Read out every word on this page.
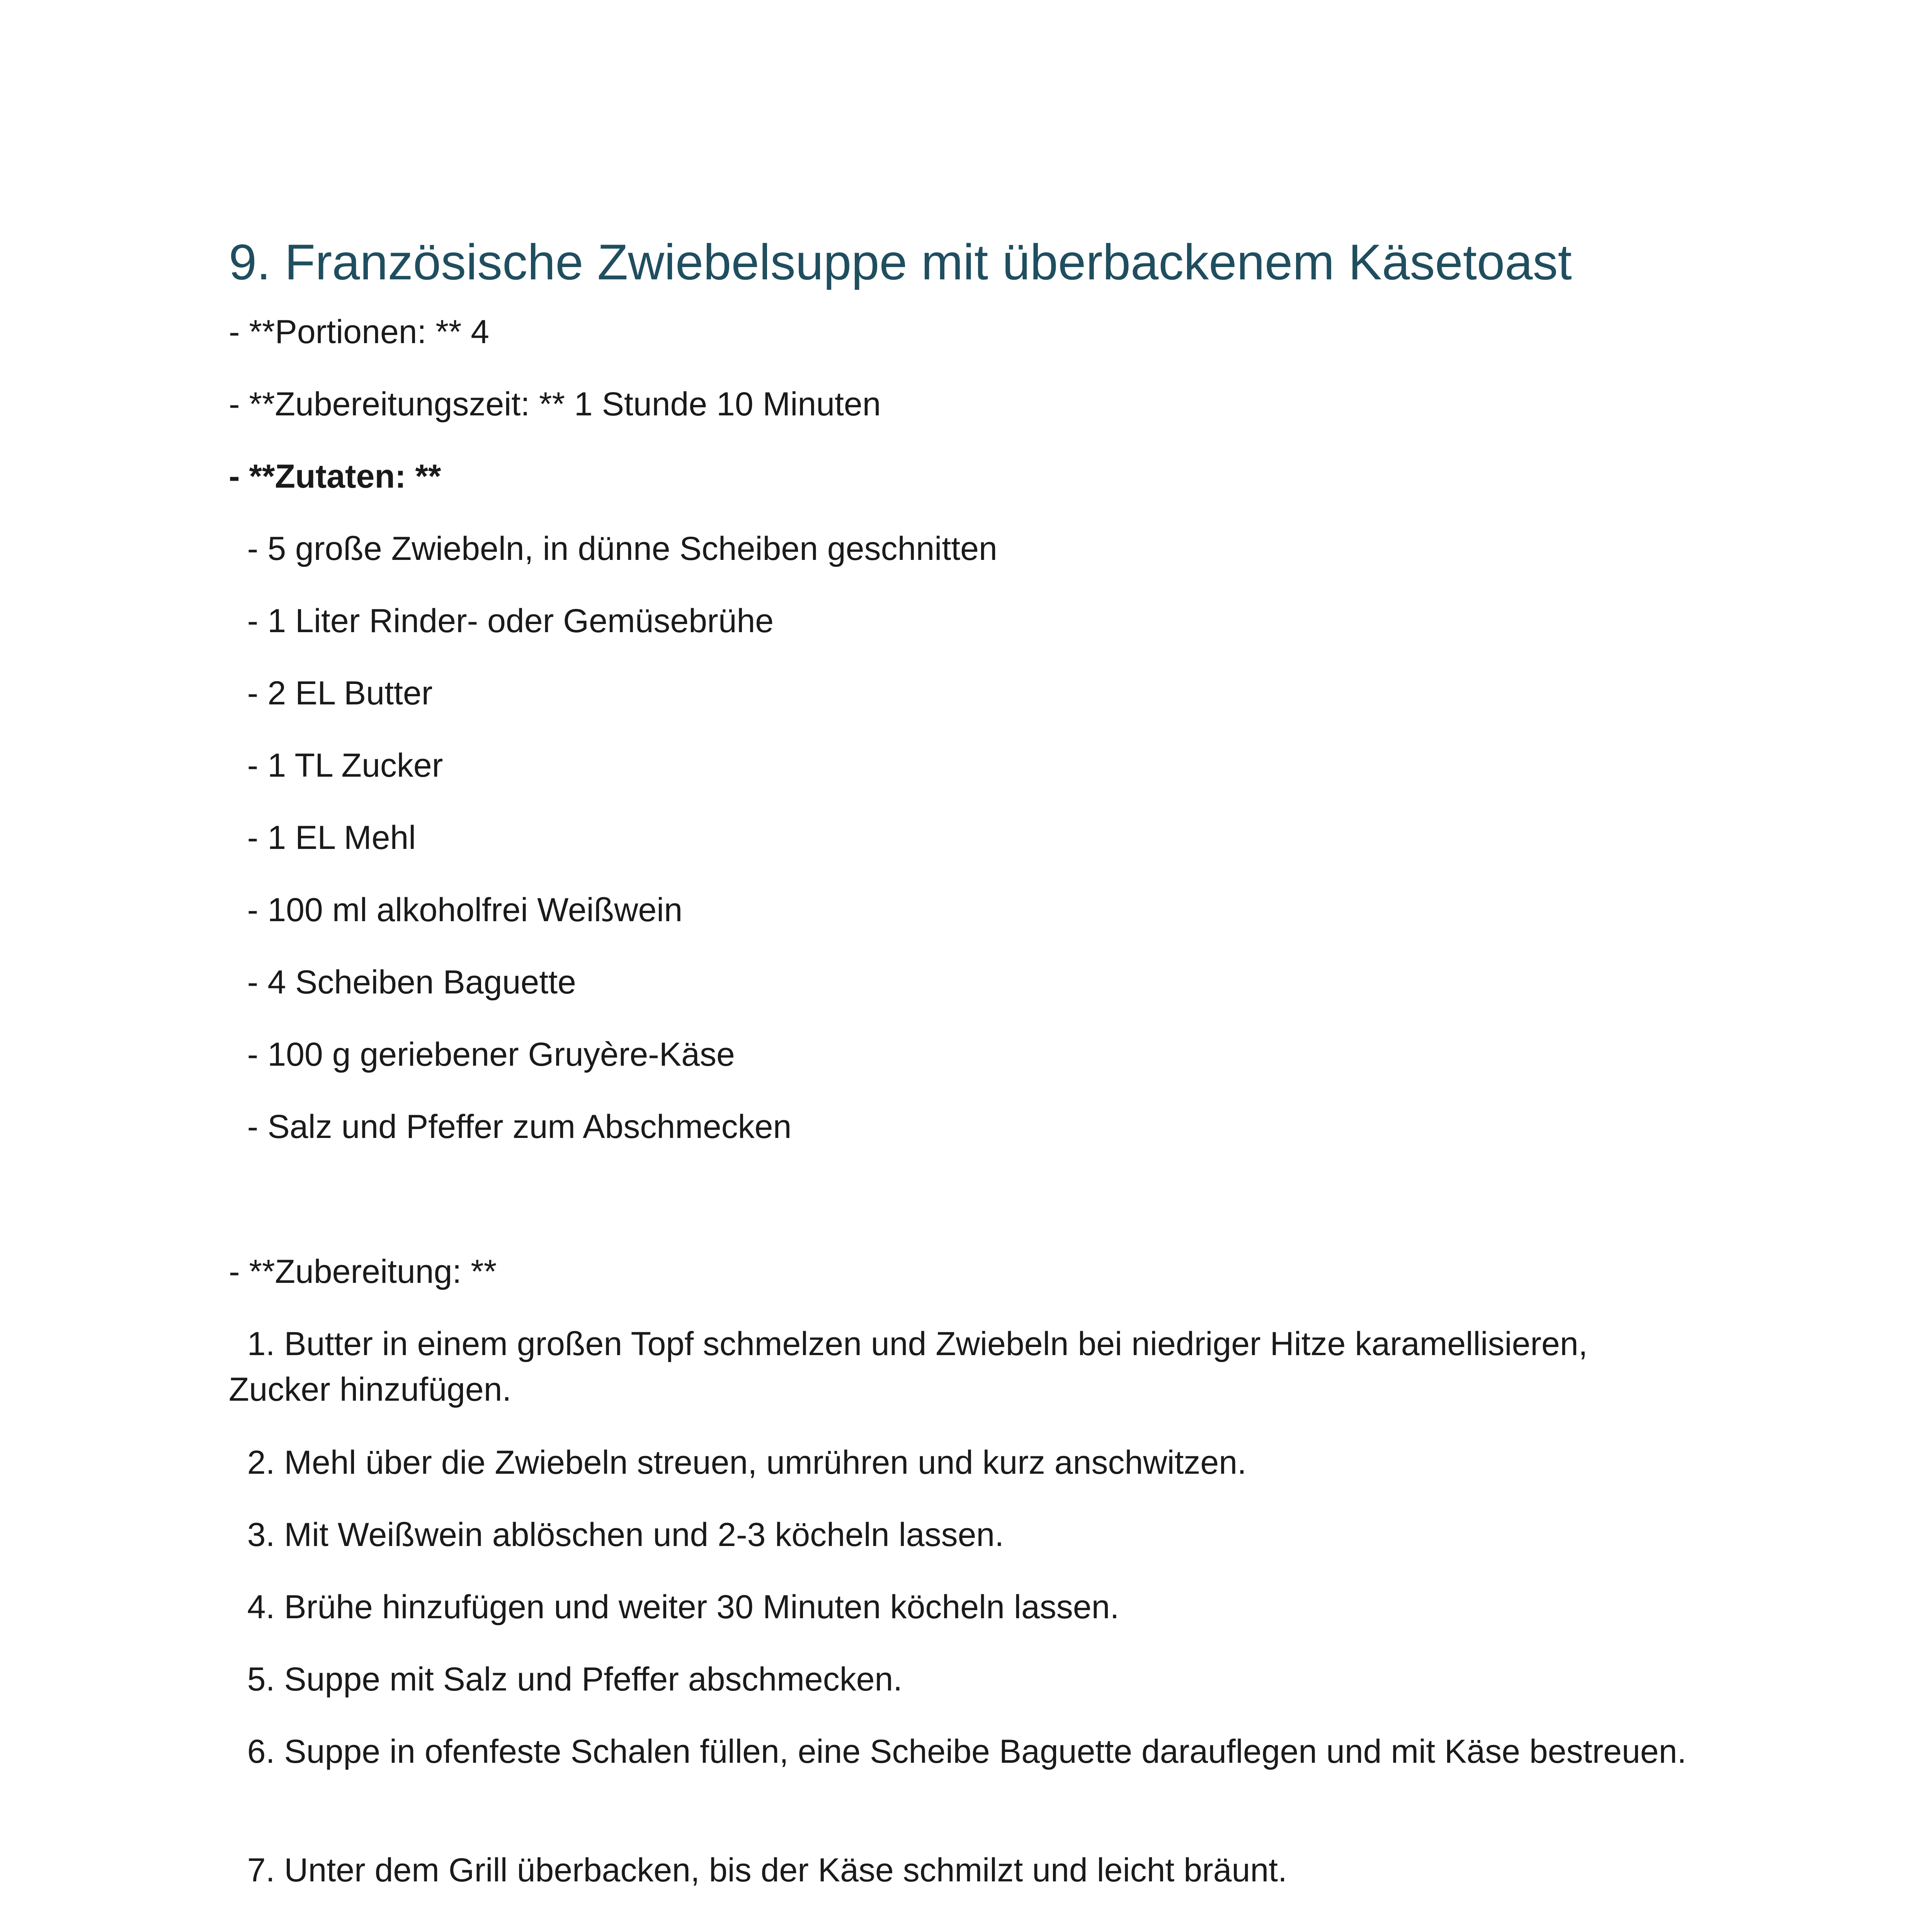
9. Französische Zwiebelsuppe mit überbackenem Käsetoast

- **Portionen: ** 4

- **Zubereitungszeit: ** 1 Stunde 10 Minuten

- **Zutaten: **

- 5 große Zwiebeln, in dünne Scheiben geschnitten

- 1 Liter Rinder- oder Gemüsebrühe

- 2 EL Butter

- 1 TL Zucker

- 1 EL Mehl

- 100 ml alkoholfrei Weißwein

- 4 Scheiben Baguette

- 100 g geriebener Gruyère-Käse

- Salz und Pfeffer zum Abschmecken

- **Zubereitung: **

1. Butter in einem großen Topf schmelzen und Zwiebeln bei niedriger Hitze karamellisieren, Zucker hinzufügen.

2. Mehl über die Zwiebeln streuen, umrühren und kurz anschwitzen.

3. Mit Weißwein ablöschen und 2-3 köcheln lassen.

4. Brühe hinzufügen und weiter 30 Minuten köcheln lassen.

5. Suppe mit Salz und Pfeffer abschmecken.

6. Suppe in ofenfeste Schalen füllen, eine Scheibe Baguette darauflegen und mit Käse bestreuen.

7. Unter dem Grill überbacken, bis der Käse schmilzt und leicht bräunt.
